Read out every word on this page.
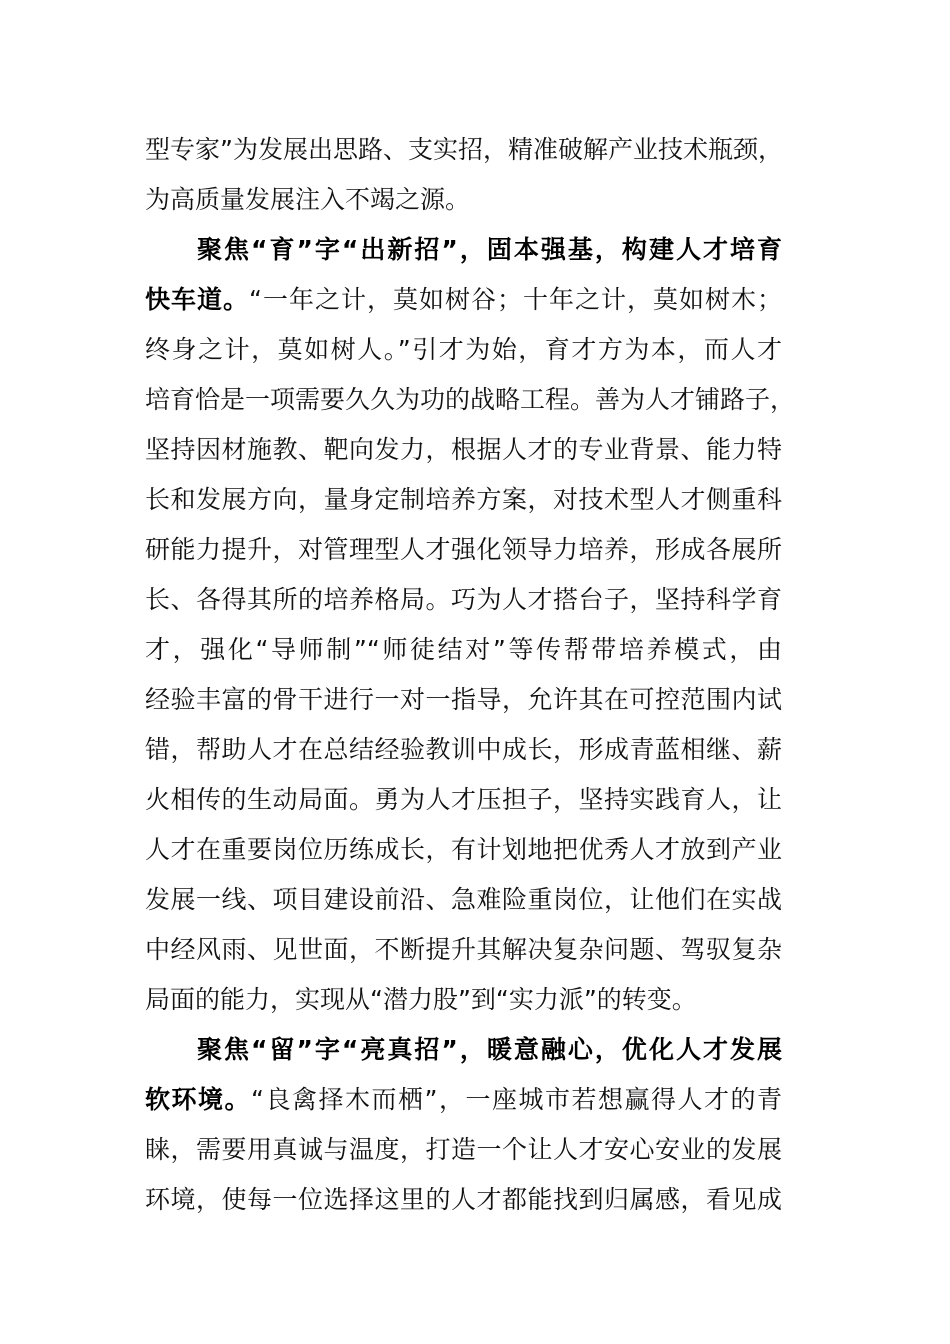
型专家”为发展出思路、支实招，精准破解产业技术瓶颈，
为高质量发展注入不竭之源。
聚焦“育”字“出新招”，固本强基，构建人才培育
快车道。“一年之计，莫如树谷；十年之计，莫如树木；
终身之计，莫如树人。”引才为始，育才方为本，而人才
培育恰是一项需要久久为功的战略工程。善为人才铺路子，
坚持因材施教、靶向发力，根据人才的专业背景、能力特
长和发展方向，量身定制培养方案，对技术型人才侧重科
研能力提升，对管理型人才强化领导力培养，形成各展所
长、各得其所的培养格局。巧为人才搭台子，坚持科学育
才，强化“导师制”“师徒结对”等传帮带培养模式，由
经验丰富的骨干进行一对一指导，允许其在可控范围内试
错，帮助人才在总结经验教训中成长，形成青蓝相继、薪
火相传的生动局面。勇为人才压担子，坚持实践育人，让
人才在重要岗位历练成长，有计划地把优秀人才放到产业
发展一线、项目建设前沿、急难险重岗位，让他们在实战
中经风雨、见世面，不断提升其解决复杂问题、驾驭复杂
局面的能力，实现从“潜力股”到“实力派”的转变。
聚焦“留”字“亮真招”，暖意融心，优化人才发展
软环境。“良禽择木而栖”，一座城市若想赢得人才的青
睐，需要用真诚与温度，打造一个让人才安心安业的发展
环境，使每一位选择这里的人才都能找到归属感，看见成
